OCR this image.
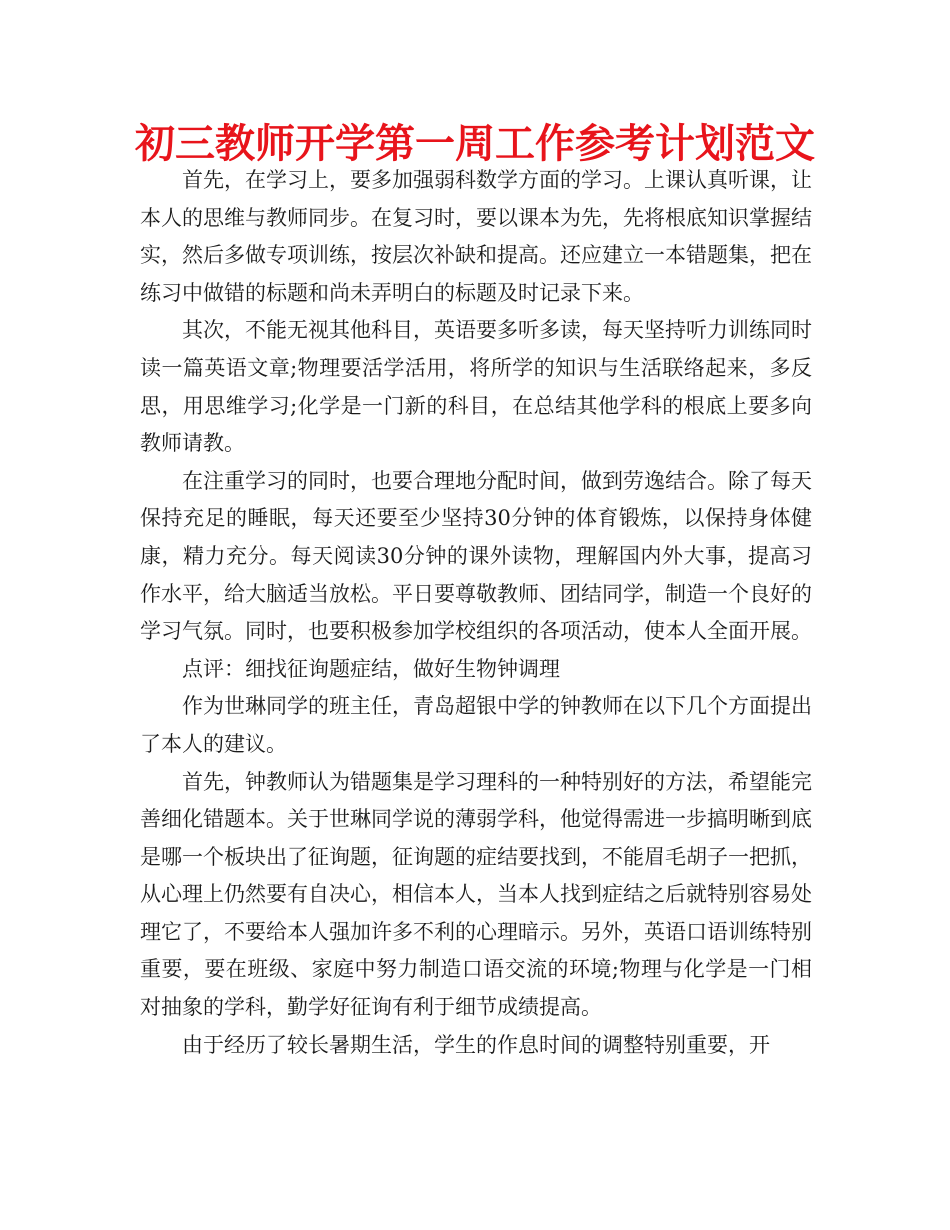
初三教师开学第一周工作参考计划范文

首先，在学习上，要多加强弱科数学方面的学习。上课认真听课，让本人的思维与教师同步。在复习时，要以课本为先，先将根底知识掌握结实，然后多做专项训练，按层次补缺和提高。还应建立一本错题集，把在练习中做错的标题和尚未弄明白的标题及时记录下来。

其次，不能无视其他科目，英语要多听多读，每天坚持听力训练同时读一篇英语文章;物理要活学活用，将所学的知识与生活联络起来，多反思，用思维学习;化学是一门新的科目，在总结其他学科的根底上要多向教师请教。

在注重学习的同时，也要合理地分配时间，做到劳逸结合。除了每天保持充足的睡眠，每天还要至少坚持30分钟的体育锻炼，以保持身体健康，精力充分。每天阅读30分钟的课外读物，理解国内外大事，提高习作水平，给大脑适当放松。平日要尊敬教师、团结同学，制造一个良好的学习气氛。同时，也要积极参加学校组织的各项活动，使本人全面开展。

点评：细找征询题症结，做好生物钟调理

作为世琳同学的班主任，青岛超银中学的钟教师在以下几个方面提出了本人的建议。

首先，钟教师认为错题集是学习理科的一种特别好的方法，希望能完善细化错题本。关于世琳同学说的薄弱学科，他觉得需进一步搞明晰到底是哪一个板块出了征询题，征询题的症结要找到，不能眉毛胡子一把抓，从心理上仍然要有自决心，相信本人，当本人找到症结之后就特别容易处理它了，不要给本人强加许多不利的心理暗示。另外，英语口语训练特别重要，要在班级、家庭中努力制造口语交流的环境;物理与化学是一门相对抽象的学科，勤学好征询有利于细节成绩提高。

由于经历了较长暑期生活，学生的作息时间的调整特别重要，开
